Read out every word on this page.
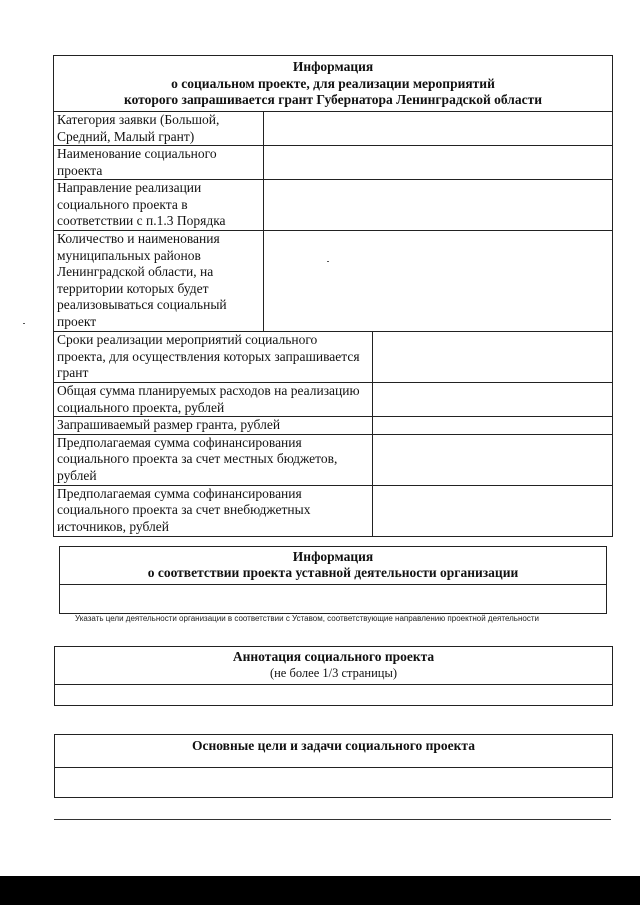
Информация
о социальном проекте, для реализации мероприятий
которого запрашивается грант Губернатора Ленинградской области		

Категория заявки (Большой, Средний, Малый грант)		
Наименование социального проекта		
Направление реализации социального проекта в соответствии с п.1.3 Порядка		
Количество и наименования муниципальных районов Ленинградской области, на территории которых будет реализовываться социальный проект		
Сроки реализации мероприятий социального проекта, для осуществления которых запрашивается грант		
Общая сумма планируемых расходов на реализацию социального проекта, рублей		
Запрашиваемый размер гранта, рублей		
Предполагаемая сумма софинансирования социального проекта за счет местных бюджетов, рублей		
Предполагаемая сумма софинансирования социального проекта за счет внебюджетных источников, рублей		
Информация
о соответствии проекта уставной деятельности организации
Указать цели деятельности организации в соответствии с Уставом, соответствующие направлению проектной деятельности
Аннотация социального проекта
(не более 1/3 страницы)
Основные цели и задачи социального проекта
